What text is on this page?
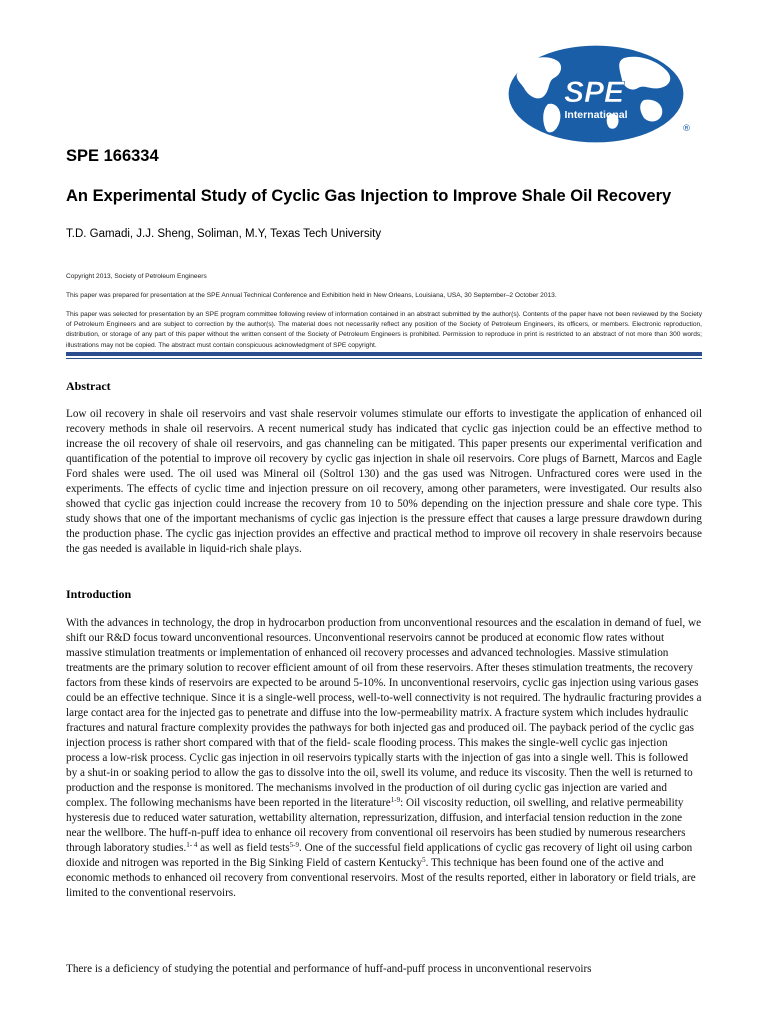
SPE
International
®
SPE 166334
An Experimental Study of Cyclic Gas Injection to Improve Shale Oil Recovery

T.D. Gamadi, J.J. Sheng, Soliman, M.Y, Texas Tech University

Copyright 2013, Society of Petroleum Engineers

This paper was prepared for presentation at the SPE Annual Technical Conference and Exhibition held in New Orleans, Louisiana, USA, 30 September–2 October 2013.

This paper was selected for presentation by an SPE program committee following review of information contained in an abstract submitted by the author(s). Contents of the paper have not been reviewed by the Society of Petroleum Engineers and are subject to correction by the author(s). The material does not necessarily reflect any position of the Society of Petroleum Engineers, its officers, or members. Electronic reproduction, distribution, or storage of any part of this paper without the written consent of the Society of Petroleum Engineers is prohibited. Permission to reproduce in print is restricted to an abstract of not more than 300 words; illustrations may not be copied. The abstract must contain conspicuous acknowledgment of SPE copyright.

Abstract

Low oil recovery in shale oil reservoirs and vast shale reservoir volumes stimulate our efforts to investigate the application of enhanced oil recovery methods in shale oil reservoirs. A recent numerical study has indicated that cyclic gas injection could be an effective method to increase the oil recovery of shale oil reservoirs, and gas channeling can be mitigated. This paper presents our experimental verification and quantification of the potential to improve oil recovery by cyclic gas injection in shale oil reservoirs. Core plugs of Barnett, Marcos and Eagle Ford shales were used. The oil used was Mineral oil (Soltrol 130) and the gas used was Nitrogen. Unfractured cores were used in the experiments. The effects of cyclic time and injection pressure on oil recovery, among other parameters, were investigated. Our results also showed that cyclic gas injection could increase the recovery from 10 to 50% depending on the injection pressure and shale core type. This study shows that one of the important mechanisms of cyclic gas injection is the pressure effect that causes a large pressure drawdown during the production phase. The cyclic gas injection provides an effective and practical method to improve oil recovery in shale reservoirs because the gas needed is available in liquid-rich shale plays.

Introduction

With the advances in technology, the drop in hydrocarbon production from unconventional resources and the escalation in demand of fuel, we shift our R&D focus toward unconventional resources. Unconventional reservoirs cannot be produced at economic flow rates without massive stimulation treatments or implementation of enhanced oil recovery processes and advanced technologies. Massive stimulation treatments are the primary solution to recover efficient amount of oil from these reservoirs. After theses stimulation treatments, the recovery factors from these kinds of reservoirs are expected to be around 5-10%. In unconventional reservoirs, cyclic gas injection using various gases could be an effective technique. Since it is a single-well process, well-to-well connectivity is not required. The hydraulic fracturing provides a large contact area for the injected gas to penetrate and diffuse into the low-permeability matrix. A fracture system which includes hydraulic fractures and natural fracture complexity provides the pathways for both injected gas and produced oil. The payback period of the cyclic gas injection process is rather short compared with that of the field- scale flooding process. This makes the single-well cyclic gas injection process a low-risk process. Cyclic gas injection in oil reservoirs typically starts with the injection of gas into a single well. This is followed by a shut-in or soaking period to allow the gas to dissolve into the oil, swell its volume, and reduce its viscosity. Then the well is returned to production and the response is monitored. The mechanisms involved in the production of oil during cyclic gas injection are varied and complex. The following mechanisms have been reported in the literature$^{1-9}$: Oil viscosity reduction, oil swelling, and relative permeability hysteresis due to reduced water saturation, wettability alternation, repressurization, diffusion, and interfacial tension reduction in the zone near the wellbore. The huff-n-puff idea to enhance oil recovery from conventional oil reservoirs has been studied by numerous researchers through laboratory studies.$^{1- 4}$ as well as field tests$^{5-9}$. One of the successful field applications of cyclic gas recovery of light oil using carbon dioxide and nitrogen was reported in the Big Sinking Field of castern Kentucky$^5$. This technique has been found one of the active and economic methods to enhanced oil recovery from conventional reservoirs. Most of the results reported, either in laboratory or field trials, are limited to the conventional reservoirs.

There is a deficiency of studying the potential and performance of huff-and-puff process in unconventional reservoirs
